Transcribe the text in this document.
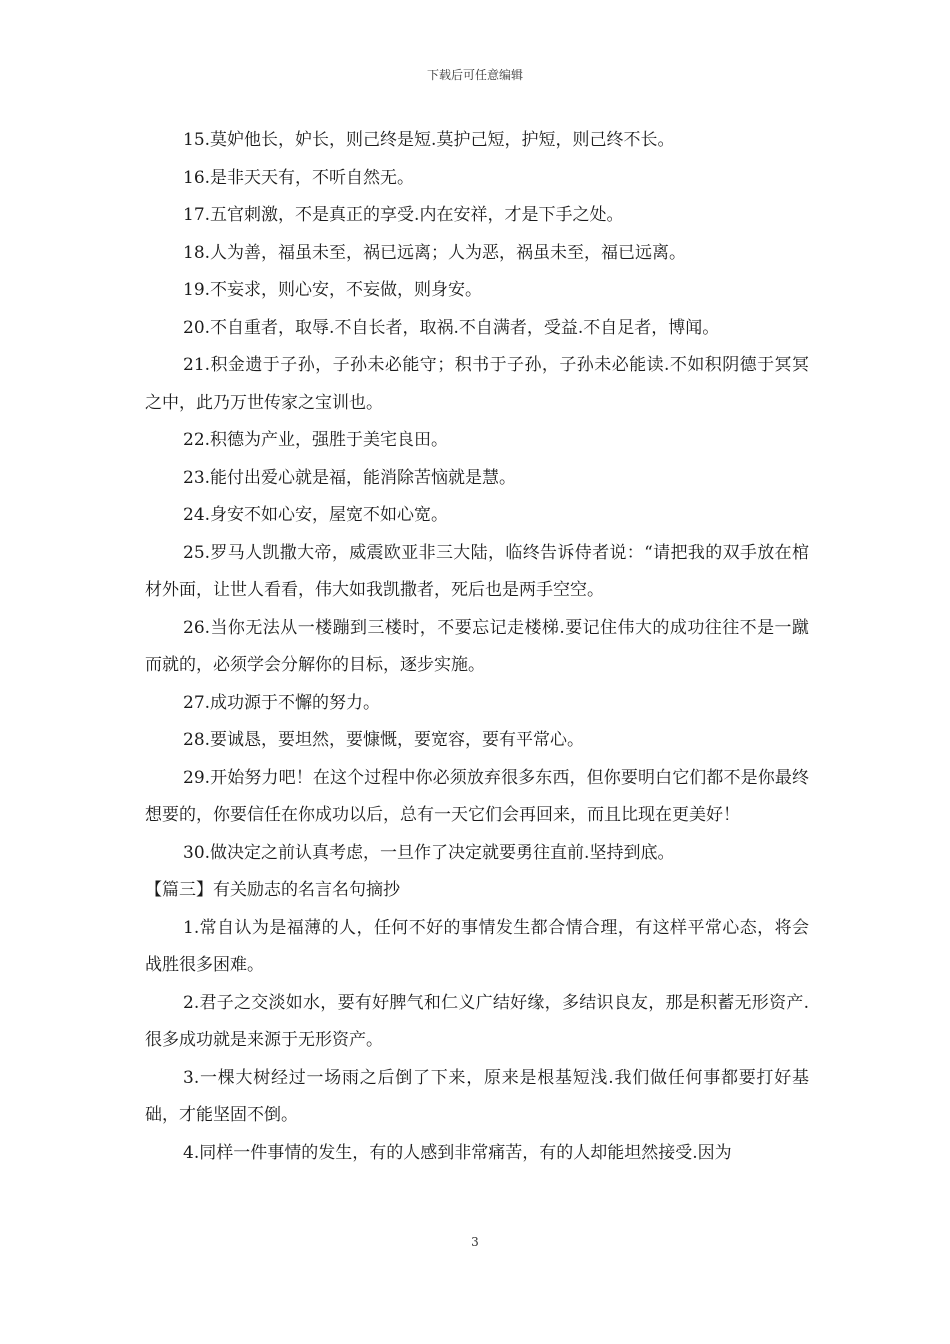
下载后可任意编辑

15.莫妒他长，妒长，则己终是短.莫护己短，护短，则己终不长。

16.是非天天有，不听自然无。

17.五官刺激，不是真正的享受.内在安祥，才是下手之处。

18.人为善，福虽未至，祸已远离；人为恶，祸虽未至，福已远离。

19.不妄求，则心安，不妄做，则身安。

20.不自重者，取辱.不自长者，取祸.不自满者，受益.不自足者，博闻。

21.积金遗于子孙，子孙未必能守；积书于子孙，子孙未必能读.不如积阴德于冥冥之中，此乃万世传家之宝训也。

22.积德为产业，强胜于美宅良田。

23.能付出爱心就是福，能消除苦恼就是慧。

24.身安不如心安，屋宽不如心宽。

25.罗马人凯撒大帝，威震欧亚非三大陆，临终告诉侍者说：“请把我的双手放在棺材外面，让世人看看，伟大如我凯撒者，死后也是两手空空。

26.当你无法从一楼蹦到三楼时，不要忘记走楼梯.要记住伟大的成功往往不是一蹴而就的，必须学会分解你的目标，逐步实施。

27.成功源于不懈的努力。

28.要诚恳，要坦然，要慷慨，要宽容，要有平常心。

29.开始努力吧！在这个过程中你必须放弃很多东西，但你要明白它们都不是你最终想要的，你要信任在你成功以后，总有一天它们会再回来，而且比现在更美好！

30.做决定之前认真考虑，一旦作了决定就要勇往直前.坚持到底。

【篇三】有关励志的名言名句摘抄

1.常自认为是福薄的人，任何不好的事情发生都合情合理，有这样平常心态，将会战胜很多困难。

2.君子之交淡如水，要有好脾气和仁义广结好缘，多结识良友，那是积蓄无形资产.很多成功就是来源于无形资产。

3.一棵大树经过一场雨之后倒了下来，原来是根基短浅.我们做任何事都要打好基础，才能坚固不倒。

4.同样一件事情的发生，有的人感到非常痛苦，有的人却能坦然接受.因为

3
